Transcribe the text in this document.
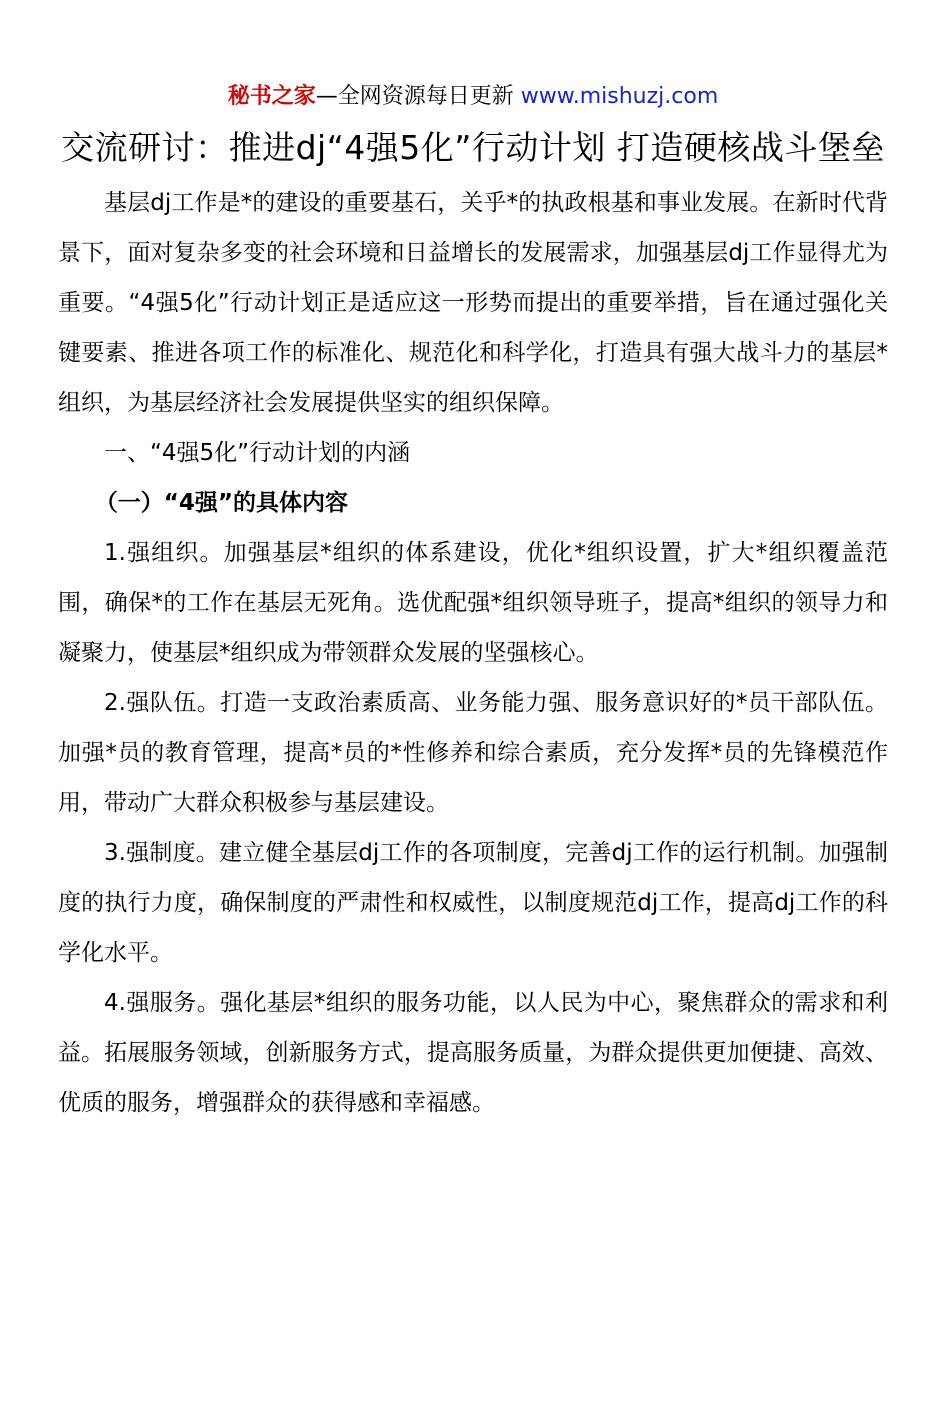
秘书之家—全网资源每日更新 www.mishuzj.com
交流研讨：推进dj“4强5化”行动计划 打造硬核战斗堡垒

基层dj工作是*的建设的重要基石，关乎*的执政根基和事业发展。在新时代背景下，面对复杂多变的社会环境和日益增长的发展需求，加强基层dj工作显得尤为重要。“4强5化”行动计划正是适应这一形势而提出的重要举措，旨在通过强化关键要素、推进各项工作的标准化、规范化和科学化，打造具有强大战斗力的基层*组织，为基层经济社会发展提供坚实的组织保障。

一、“4强5化”行动计划的内涵

（一）“4强”的具体内容

1.强组织。加强基层*组织的体系建设，优化*组织设置，扩大*组织覆盖范围，确保*的工作在基层无死角。选优配强*组织领导班子，提高*组织的领导力和凝聚力，使基层*组织成为带领群众发展的坚强核心。

2.强队伍。打造一支政治素质高、业务能力强、服务意识好的*员干部队伍。加强*员的教育管理，提高*员的*性修养和综合素质，充分发挥*员的先锋模范作用，带动广大群众积极参与基层建设。

3.强制度。建立健全基层dj工作的各项制度，完善dj工作的运行机制。加强制度的执行力度，确保制度的严肃性和权威性，以制度规范dj工作，提高dj工作的科学化水平。

4.强服务。强化基层*组织的服务功能，以人民为中心，聚焦群众的需求和利益。拓展服务领域，创新服务方式，提高服务质量，为群众提供更加便捷、高效、优质的服务，增强群众的获得感和幸福感。
